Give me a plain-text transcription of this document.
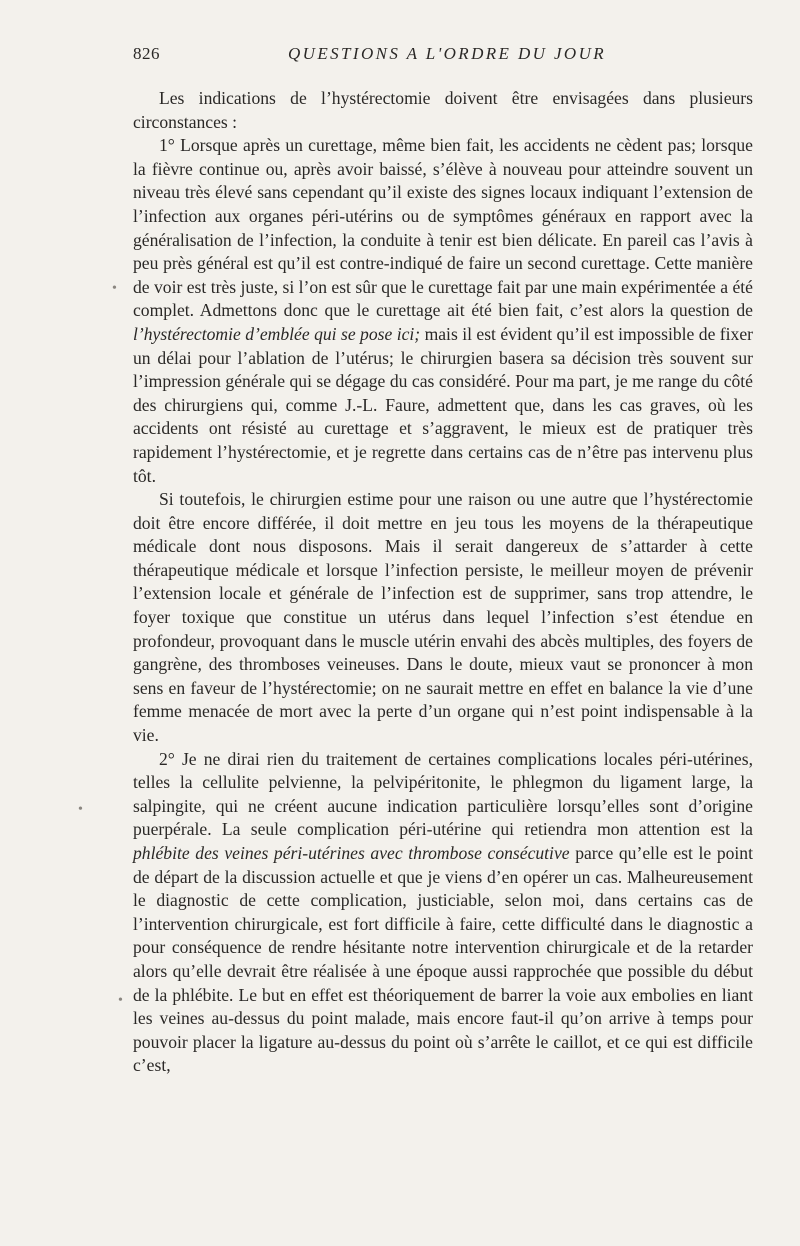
826	QUESTIONS A L'ORDRE DU JOUR
•
•
•

Les indications de l’hystérectomie doivent être envisagées dans plusieurs circonstances :

1° Lorsque après un curettage, même bien fait, les accidents ne cèdent pas; lorsque la fièvre continue ou, après avoir baissé, s’élève à nouveau pour atteindre souvent un niveau très élevé sans cependant qu’il existe des signes locaux indiquant l’extension de l’infection aux organes péri-utérins ou de symptômes généraux en rapport avec la généralisation de l’infection, la conduite à tenir est bien délicate. En pareil cas l’avis à peu près général est qu’il est contre-indiqué de faire un second curettage. Cette manière de voir est très juste, si l’on est sûr que le curettage fait par une main expérimentée a été complet. Admettons donc que le curettage ait été bien fait, c’est alors la question de l’hystérectomie d’emblée qui se pose ici; mais il est évident qu’il est impossible de fixer un délai pour l’ablation de l’utérus; le chirurgien basera sa décision très souvent sur l’impression générale qui se dégage du cas considéré. Pour ma part, je me range du côté des chirurgiens qui, comme J.-L. Faure, admettent que, dans les cas graves, où les accidents ont résisté au curettage et s’aggravent, le mieux est de pratiquer très rapidement l’hystérectomie, et je regrette dans certains cas de n’être pas intervenu plus tôt.

Si toutefois, le chirurgien estime pour une raison ou une autre que l’hystérectomie doit être encore différée, il doit mettre en jeu tous les moyens de la thérapeutique médicale dont nous disposons. Mais il serait dangereux de s’attarder à cette thérapeutique médicale et lorsque l’infection persiste, le meilleur moyen de prévenir l’extension locale et générale de l’infection est de supprimer, sans trop attendre, le foyer toxique que constitue un utérus dans lequel l’infection s’est étendue en profondeur, provoquant dans le muscle utérin envahi des abcès multiples, des foyers de gangrène, des thromboses veineuses. Dans le doute, mieux vaut se prononcer à mon sens en faveur de l’hystérectomie; on ne saurait mettre en effet en balance la vie d’une femme menacée de mort avec la perte d’un organe qui n’est point indispensable à la vie.

2° Je ne dirai rien du traitement de certaines complications locales péri-utérines, telles la cellulite pelvienne, la pelvipéritonite, le phlegmon du ligament large, la salpingite, qui ne créent aucune indication particulière lorsqu’elles sont d’origine puerpérale. La seule complication péri-utérine qui retiendra mon attention est la phlébite des veines péri-utérines avec thrombose consécutive parce qu’elle est le point de départ de la discussion actuelle et que je viens d’en opérer un cas. Malheureusement le diagnostic de cette complication, justiciable, selon moi, dans certains cas de l’intervention chirurgicale, est fort difficile à faire, cette difficulté dans le diagnostic a pour conséquence de rendre hésitante notre intervention chirurgicale et de la retarder alors qu’elle devrait être réalisée à une époque aussi rapprochée que possible du début de la phlébite. Le but en effet est théoriquement de barrer la voie aux embolies en liant les veines au-dessus du point malade, mais encore faut-il qu’on arrive à temps pour pouvoir placer la ligature au-dessus du point où s’arrête le caillot, et ce qui est difficile c’est,
